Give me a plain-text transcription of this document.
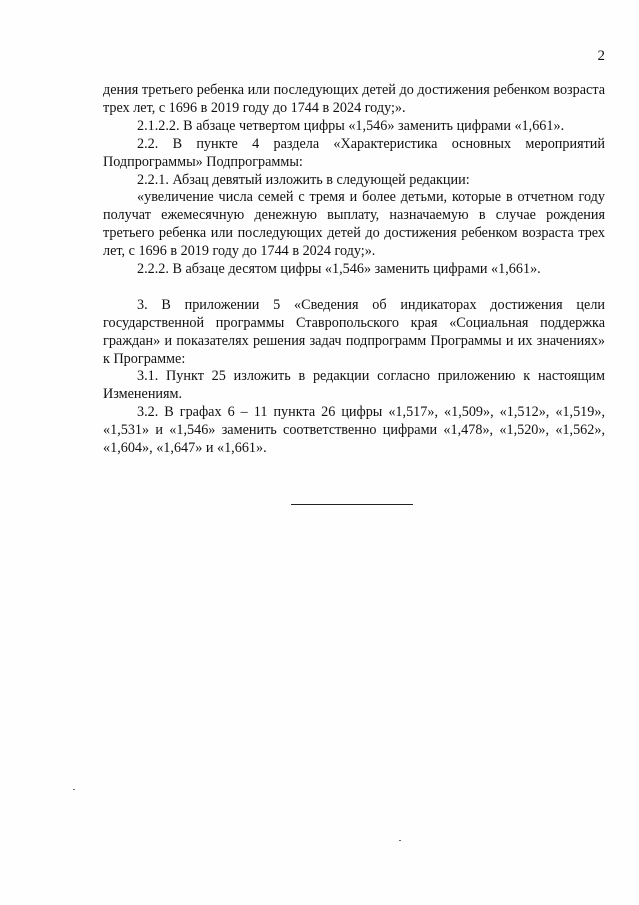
2

дения третьего ребенка или последующих детей до достижения ребенком возраста трех лет, с 1696 в 2019 году до 1744 в 2024 году;».

2.1.2.2. В абзаце четвертом цифры «1,546» заменить цифрами «1,661».

2.2. В пункте 4 раздела «Характеристика основных мероприятий Подпрограммы» Подпрограммы:

2.2.1. Абзац девятый изложить в следующей редакции:

«увеличение числа семей с тремя и более детьми, которые в отчетном году получат ежемесячную денежную выплату, назначаемую в случае рождения третьего ребенка или последующих детей до достижения ребенком возраста трех лет, с 1696 в 2019 году до 1744 в 2024 году;».

2.2.2. В абзаце десятом цифры «1,546» заменить цифрами «1,661».

3. В приложении 5 «Сведения об индикаторах достижения цели государственной программы Ставропольского края «Социальная поддержка граждан» и показателях решения задач подпрограмм Программы и их значениях» к Программе:

3.1. Пункт 25 изложить в редакции согласно приложению к настоящим Изменениям.

3.2. В графах 6 – 11 пункта 26 цифры «1,517», «1,509», «1,512», «1,519», «1,531» и «1,546» заменить соответственно цифрами «1,478», «1,520», «1,562», «1,604», «1,647» и «1,661».
